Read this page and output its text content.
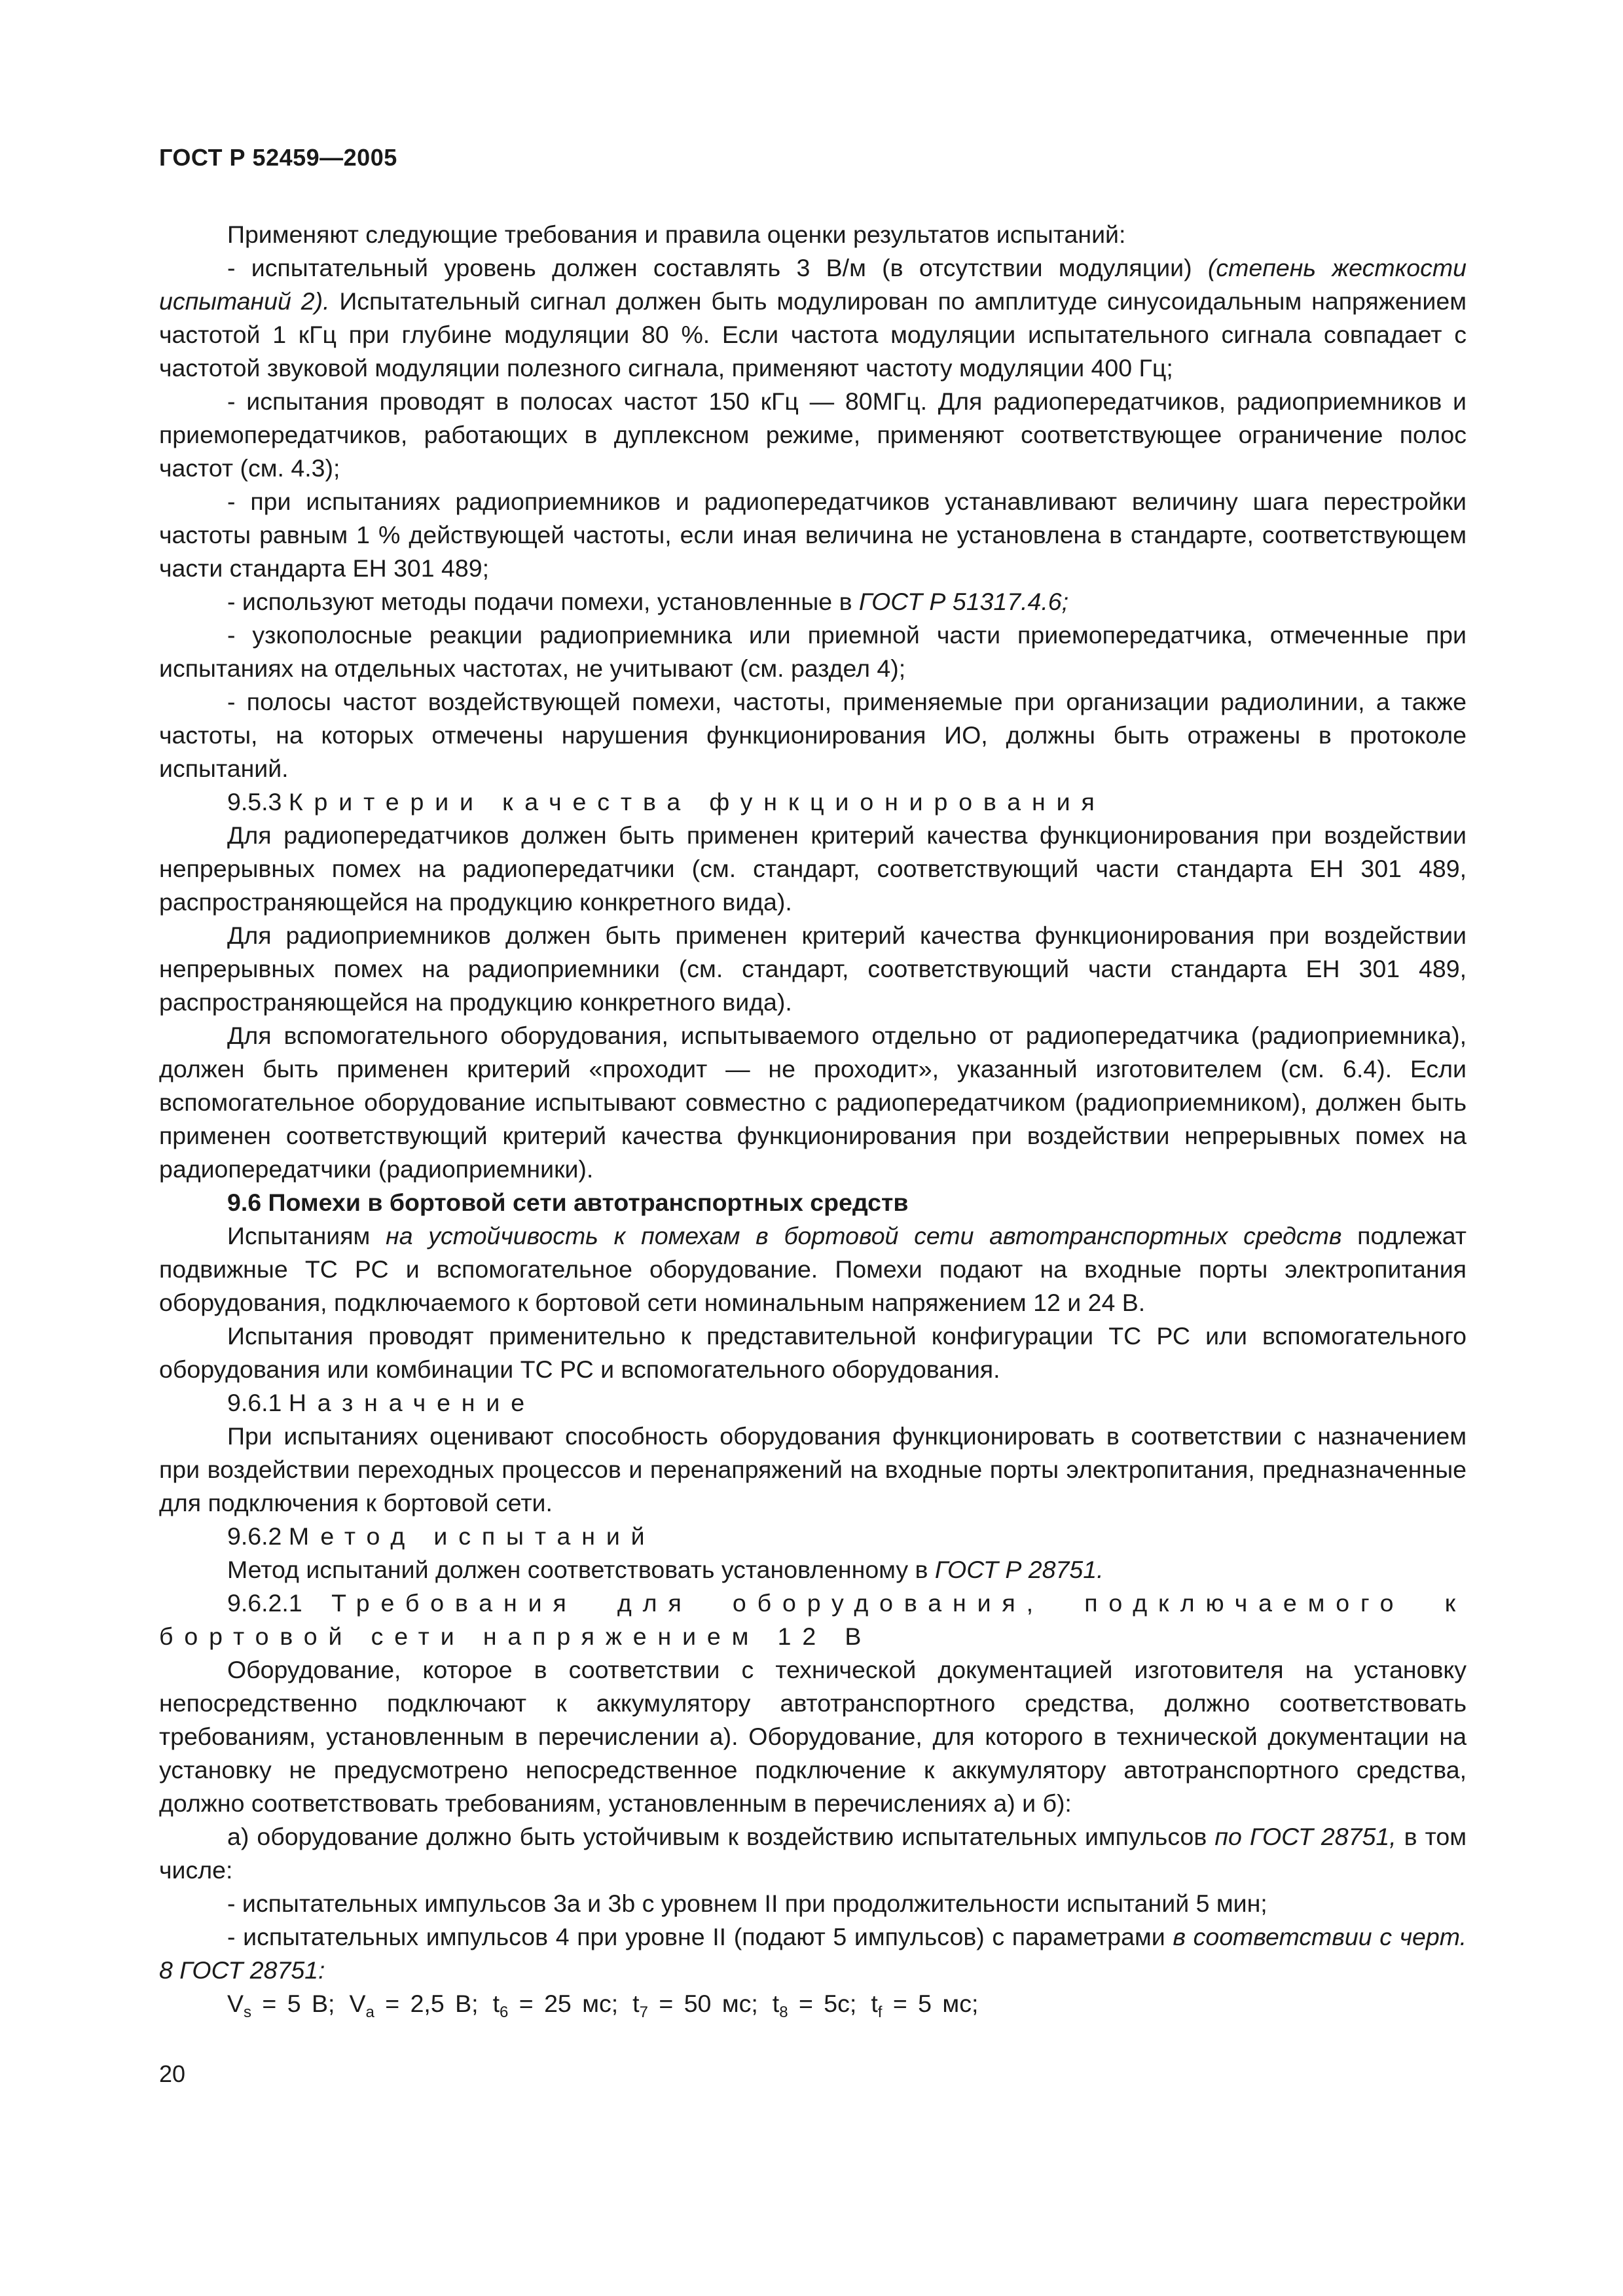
ГОСТ Р 52459—2005

Применяют следующие требования и правила оценки результатов испытаний:

- испытательный уровень должен составлять 3 В/м (в отсутствии модуляции) (степень жесткости испытаний 2). Испытательный сигнал должен быть модулирован по амплитуде синусоидальным напряжением частотой 1 кГц при глубине модуляции 80 %. Если частота модуляции испытательного сигнала совпадает с частотой звуковой модуляции полезного сигнала, применяют частоту модуляции 400 Гц;

- испытания проводят в полосах частот 150 кГц — 80МГц. Для радиопередатчиков, радиоприемников и приемопередатчиков, работающих в дуплексном режиме, применяют соответствующее ограничение полос частот (см. 4.3);

- при испытаниях радиоприемников и радиопередатчиков устанавливают величину шага перестройки частоты равным 1 % действующей частоты, если иная величина не установлена в стандарте, соответствующем части стандарта ЕН 301 489;

- используют методы подачи помехи, установленные в ГОСТ Р 51317.4.6;

- узкополосные реакции радиоприемника или приемной части приемопередатчика, отмеченные при испытаниях на отдельных частотах, не учитывают (см. раздел 4);

- полосы частот воздействующей помехи, частоты, применяемые при организации радиолинии, а также частоты, на которых отмечены нарушения функционирования ИО, должны быть отражены в протоколе испытаний.

9.5.3 Критерии качества функционирования

Для радиопередатчиков должен быть применен критерий качества функционирования при воздействии непрерывных помех на радиопередатчики (см. стандарт, соответствующий части стандарта ЕН 301 489, распространяющейся на продукцию конкретного вида).

Для радиоприемников должен быть применен критерий качества функционирования при воздействии непрерывных помех на радиоприемники (см. стандарт, соответствующий части стандарта ЕН 301 489, распространяющейся на продукцию конкретного вида).

Для вспомогательного оборудования, испытываемого отдельно от радиопередатчика (радиоприемника), должен быть применен критерий «проходит — не проходит», указанный изготовителем (см. 6.4). Если вспомогательное оборудование испытывают совместно с радиопередатчиком (радиоприемником), должен быть применен соответствующий критерий качества функционирования при воздействии непрерывных помех на радиопередатчики (радиоприемники).

9.6 Помехи в бортовой сети автотранспортных средств

Испытаниям на устойчивость к помехам в бортовой сети автотранспортных средств подлежат подвижные ТС РС и вспомогательное оборудование. Помехи подают на входные порты электропитания оборудования, подключаемого к бортовой сети номинальным напряжением 12 и 24 В.

Испытания проводят применительно к представительной конфигурации ТС РС или вспомогательного оборудования или комбинации ТС РС и вспомогательного оборудования.

9.6.1 Назначение

При испытаниях оценивают способность оборудования функционировать в соответствии с назначением при воздействии переходных процессов и перенапряжений на входные порты электропитания, предназначенные для подключения к бортовой сети.

9.6.2 Метод испытаний

Метод испытаний должен соответствовать установленному в ГОСТ Р 28751.

9.6.2.1 Требования для оборудования, подключаемого к бортовой сети напряжением 12 В

Оборудование, которое в соответствии с технической документацией изготовителя на установку непосредственно подключают к аккумулятору автотранспортного средства, должно соответствовать требованиям, установленным в перечислении а). Оборудование, для которого в технической документации на установку не предусмотрено непосредственное подключение к аккумулятору автотранспортного средства, должно соответствовать требованиям, установленным в перечислениях а) и б):

а) оборудование должно быть устойчивым к воздействию испытательных импульсов по ГОСТ 28751, в том числе:

- испытательных импульсов 3а и 3b с уровнем II при продолжительности испытаний 5 мин;

- испытательных импульсов 4 при уровне II (подают 5 импульсов) с параметрами в соответствии с черт. 8 ГОСТ 28751:

$V_s = 5$ В; $V_a = 2,5$ В; $t_6 = 25$ мс; $t_7 = 50$ мс; $t_8 = 5с$; $t_f = 5$ мс;

20
